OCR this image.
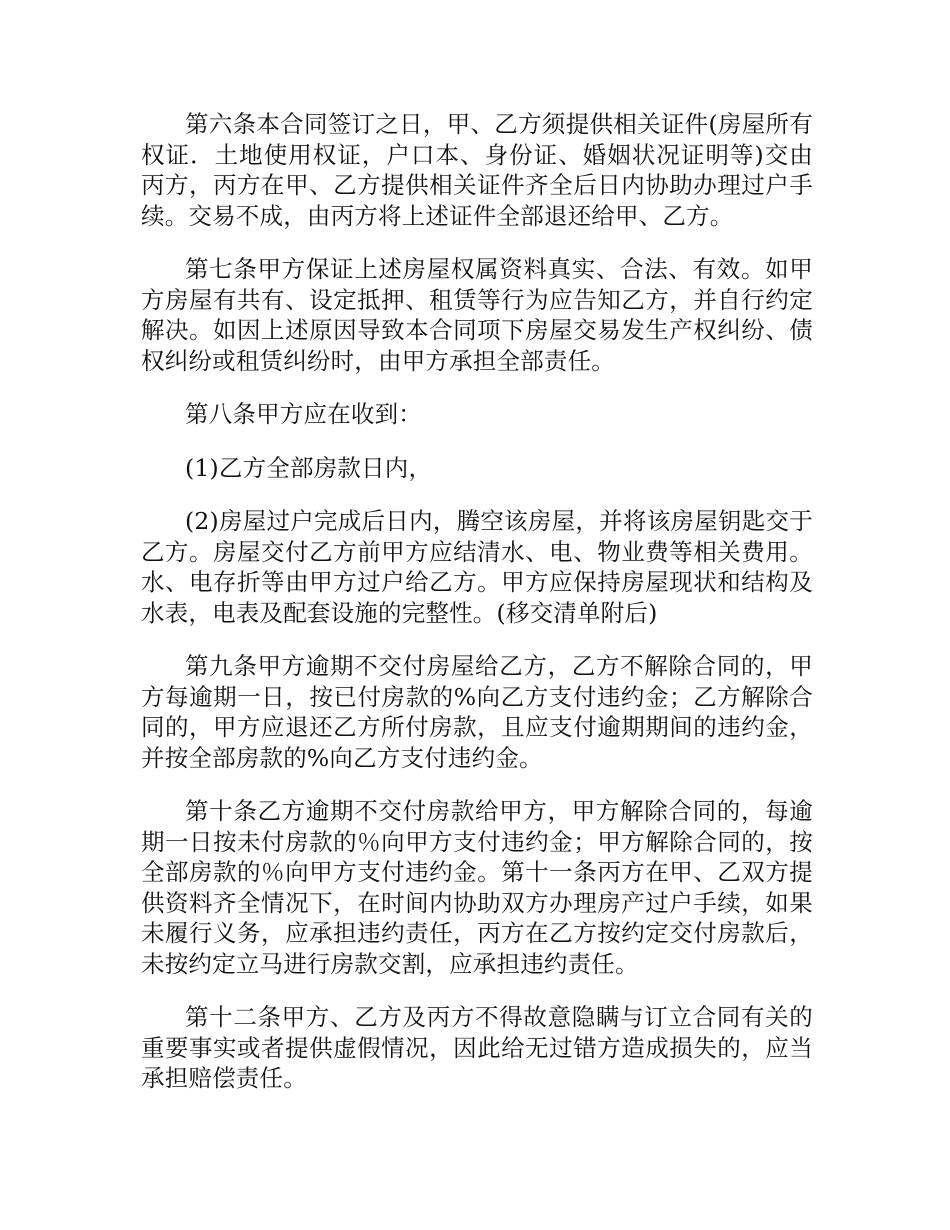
第六条本合同签订之日，甲、乙方须提供相关证件(房屋所有权证．土地使用权证，户口本、身份证、婚姻状况证明等)交由丙方，丙方在甲、乙方提供相关证件齐全后日内协助办理过户手续。交易不成，由丙方将上述证件全部退还给甲、乙方。

第七条甲方保证上述房屋权属资料真实、合法、有效。如甲方房屋有共有、设定抵押、租赁等行为应告知乙方，并自行约定解决。如因上述原因导致本合同项下房屋交易发生产权纠纷、债权纠纷或租赁纠纷时，由甲方承担全部责任。

第八条甲方应在收到：

(1)乙方全部房款日内，

(2)房屋过户完成后日内，腾空该房屋，并将该房屋钥匙交于乙方。房屋交付乙方前甲方应结清水、电、物业费等相关费用。水、电存折等由甲方过户给乙方。甲方应保持房屋现状和结构及水表，电表及配套设施的完整性。(移交清单附后)

第九条甲方逾期不交付房屋给乙方，乙方不解除合同的，甲方每逾期一日，按已付房款的%向乙方支付违约金；乙方解除合同的，甲方应退还乙方所付房款，且应支付逾期期间的违约金，并按全部房款的%向乙方支付违约金。

第十条乙方逾期不交付房款给甲方，甲方解除合同的，每逾期一日按未付房款的％向甲方支付违约金；甲方解除合同的，按全部房款的％向甲方支付违约金。第十一条丙方在甲、乙双方提供资料齐全情况下，在时间内协助双方办理房产过户手续，如果未履行义务，应承担违约责任，丙方在乙方按约定交付房款后，未按约定立马进行房款交割，应承担违约责任。

第十二条甲方、乙方及丙方不得故意隐瞒与订立合同有关的重要事实或者提供虚假情况，因此给无过错方造成损失的，应当承担赔偿责任。
